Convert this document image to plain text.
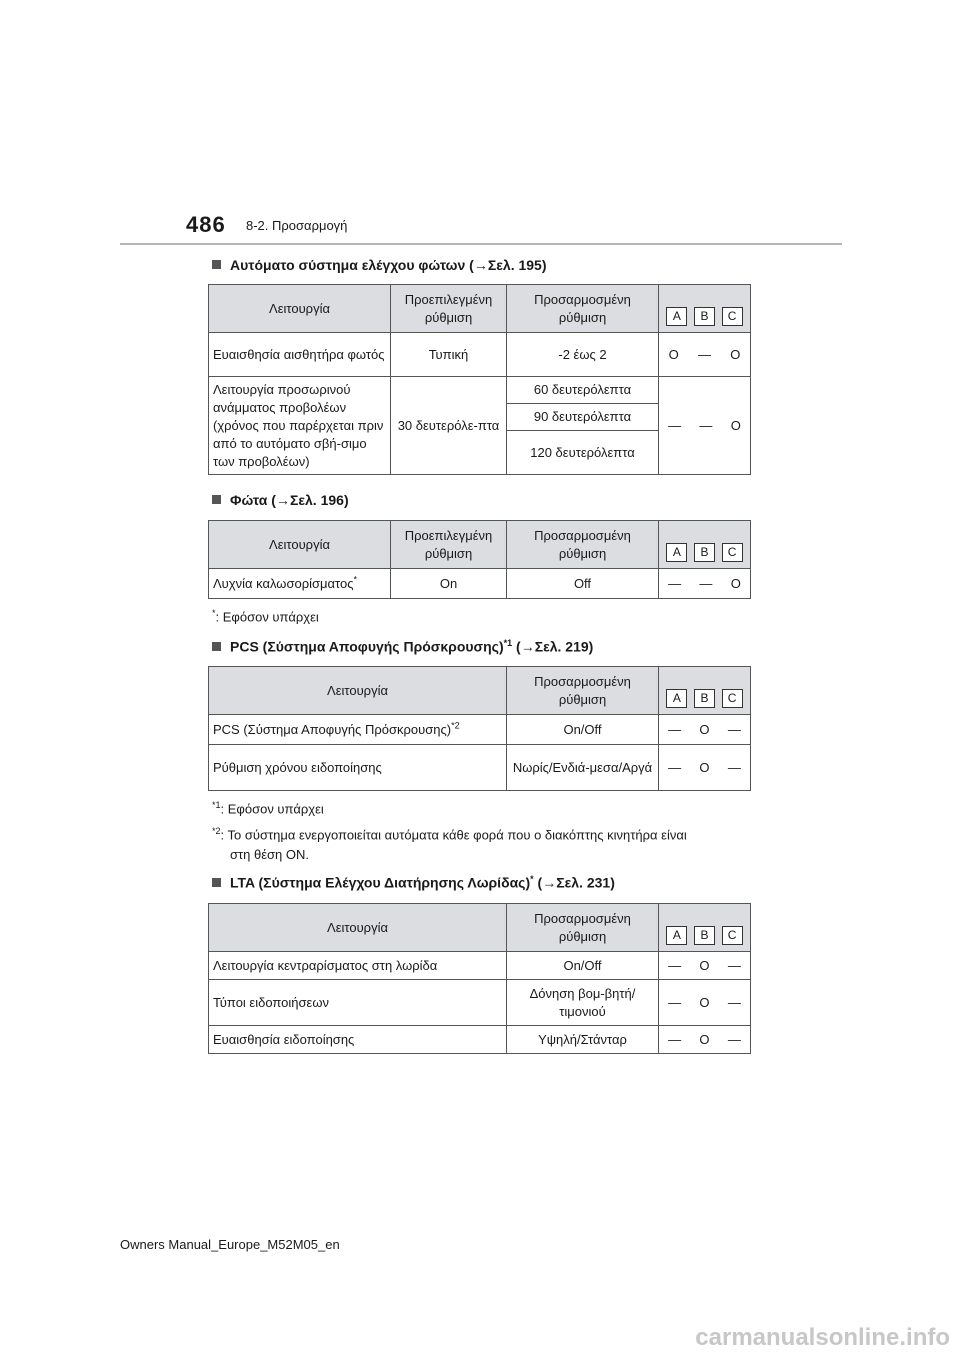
486 8-2. Προσαρμογή
Αυτόματο σύστημα ελέγχου φώτων (→Σελ. 195)
Λειτουργία	Προεπιλεγμένη ρύθμιση	Προσαρμοσμένη ρύθμιση	A B C

Ευαισθησία αισθητήρα φωτός	Τυπική	-2 έως 2	O — O

Λειτουργία προσωρινού ανάμματος προβολέων (χρόνος που παρέρχεται πριν από το αυτόματο σβή-σιμο των προβολέων)	30 δευτερόλε-πτα	60 δευτερόλεπτα	— — O

		90 δευτερόλεπτα	
		120 δευτερόλεπτα	
Φώτα (→Σελ. 196)
Λειτουργία	Προεπιλεγμένη ρύθμιση	Προσαρμοσμένη ρύθμιση	A B C

Λυχνία καλωσορίσματος*	On	Off	— — O
*: Εφόσον υπάρχει
PCS (Σύστημα Αποφυγής Πρόσκρουσης)$^{*1}$ (→Σελ. 219)
Λειτουργία	Προσαρμοσμένη ρύθμιση	A B C

PCS (Σύστημα Αποφυγής Πρόσκρουσης)$^{*2}$	On/Off	— O —

Ρύθμιση χρόνου ειδοποίησης	Νωρίς/Ενδιά-μεσα/Αργά	— O —
$^{*1}$: Εφόσον υπάρχει
$^{*2}$: Το σύστημα ενεργοποιείται αυτόματα κάθε φορά που ο διακόπτης κινητήρα είναι
στη θέση ON.
LTA (Σύστημα Ελέγχου Διατήρησης Λωρίδας)* (→Σελ. 231)
Λειτουργία	Προσαρμοσμένη ρύθμιση	A B C

Λειτουργία κεντραρίσματος στη λωρίδα	On/Off	— O —

Τύποι ειδοποιήσεων	Δόνηση βομ-βητή/τιμονιού	— O —

Ευαισθησία ειδοποίησης	Υψηλή/Στάνταρ	— O —
Owners Manual_Europe_M52M05_en
carmanualsonline.info
